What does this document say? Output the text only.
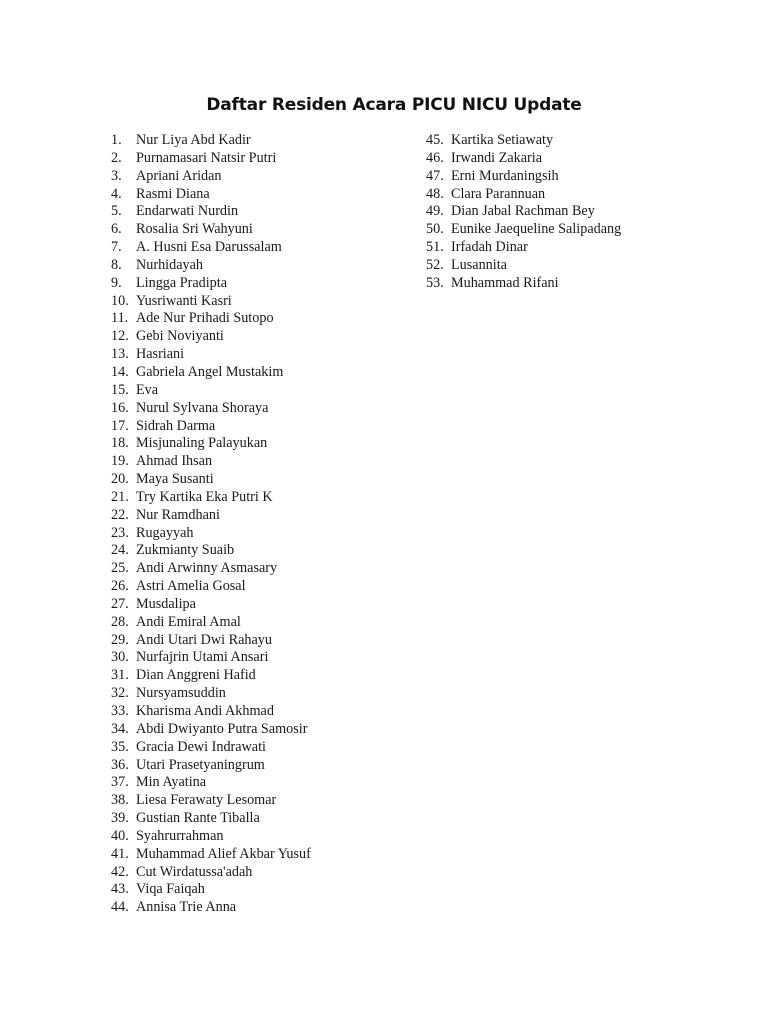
Daftar Residen Acara PICU NICU Update
1. Nur Liya Abd Kadir
2. Purnamasari Natsir Putri
3. Apriani Aridan
4. Rasmi Diana
5. Endarwati Nurdin
6. Rosalia Sri Wahyuni
7. A. Husni Esa Darussalam
8. Nurhidayah
9. Lingga Pradipta
10. Yusriwanti Kasri
11. Ade Nur Prihadi Sutopo
12. Gebi Noviyanti
13. Hasriani
14. Gabriela Angel Mustakim
15. Eva
16. Nurul Sylvana Shoraya
17. Sidrah Darma
18. Misjunaling Palayukan
19. Ahmad Ihsan
20. Maya Susanti
21. Try Kartika Eka Putri K
22. Nur Ramdhani
23. Rugayyah
24. Zukmianty Suaib
25. Andi Arwinny Asmasary
26. Astri Amelia Gosal
27. Musdalipa
28. Andi Emiral Amal
29. Andi Utari Dwi Rahayu
30. Nurfajrin Utami Ansari
31. Dian Anggreni Hafid
32. Nursyamsuddin
33. Kharisma Andi Akhmad
34. Abdi Dwiyanto Putra Samosir
35. Gracia Dewi Indrawati
36. Utari Prasetyaningrum
37. Min Ayatina
38. Liesa Ferawaty Lesomar
39. Gustian Rante Tiballa
40. Syahrurrahman
41. Muhammad Alief Akbar Yusuf
42. Cut Wirdatussa'adah
43. Viqa Faiqah
44. Annisa Trie Anna
45. Kartika Setiawaty
46. Irwandi Zakaria
47. Erni Murdaningsih
48. Clara Parannuan
49. Dian Jabal Rachman Bey
50. Eunike Jaequeline Salipadang
51. Irfadah Dinar
52. Lusannita
53. Muhammad Rifani
